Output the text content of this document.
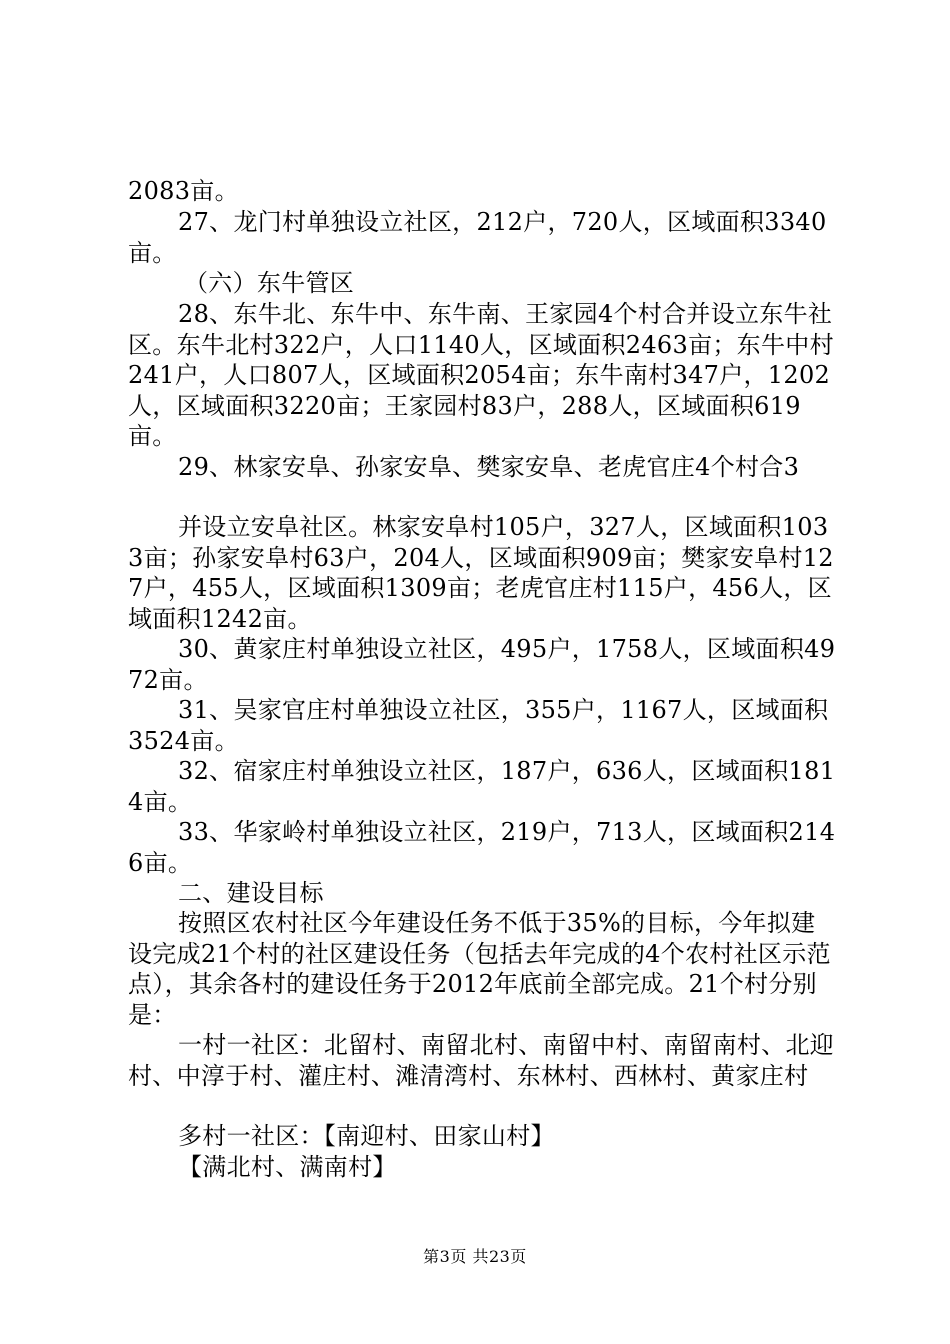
2083亩。

27、龙门村单独设立社区，212户，720人，区域面积3340亩。

（六）东牛管区

28、东牛北、东牛中、东牛南、王家园4个村合并设立东牛社区。东牛北村322户，人口1140人，区域面积2463亩；东牛中村241户，人口807人，区域面积2054亩；东牛南村347户，1202人，区域面积3220亩；王家园村83户，288人，区域面积619亩。

29、林家安阜、孙家安阜、樊家安阜、老虎官庄4个村合3

并设立安阜社区。林家安阜村105户，327人，区域面积1033亩；孙家安阜村63户，204人，区域面积909亩；樊家安阜村127户，455人，区域面积1309亩；老虎官庄村115户，456人，区域面积1242亩。

30、黄家庄村单独设立社区，495户，1758人，区域面积4972亩。

31、吴家官庄村单独设立社区，355户，1167人，区域面积3524亩。

32、宿家庄村单独设立社区，187户，636人，区域面积1814亩。

33、华家岭村单独设立社区，219户，713人，区域面积2146亩。

二、建设目标

按照区农村社区今年建设任务不低于35%的目标，今年拟建设完成21个村的社区建设任务（包括去年完成的4个农村社区示范点），其余各村的建设任务于2012年底前全部完成。21个村分别是：

一村一社区：北留村、南留北村、南留中村、南留南村、北迎村、中淳于村、灌庄村、滩清湾村、东林村、西林村、黄家庄村

多村一社区：【南迎村、田家山村】

【满北村、满南村】

第3页 共23页
